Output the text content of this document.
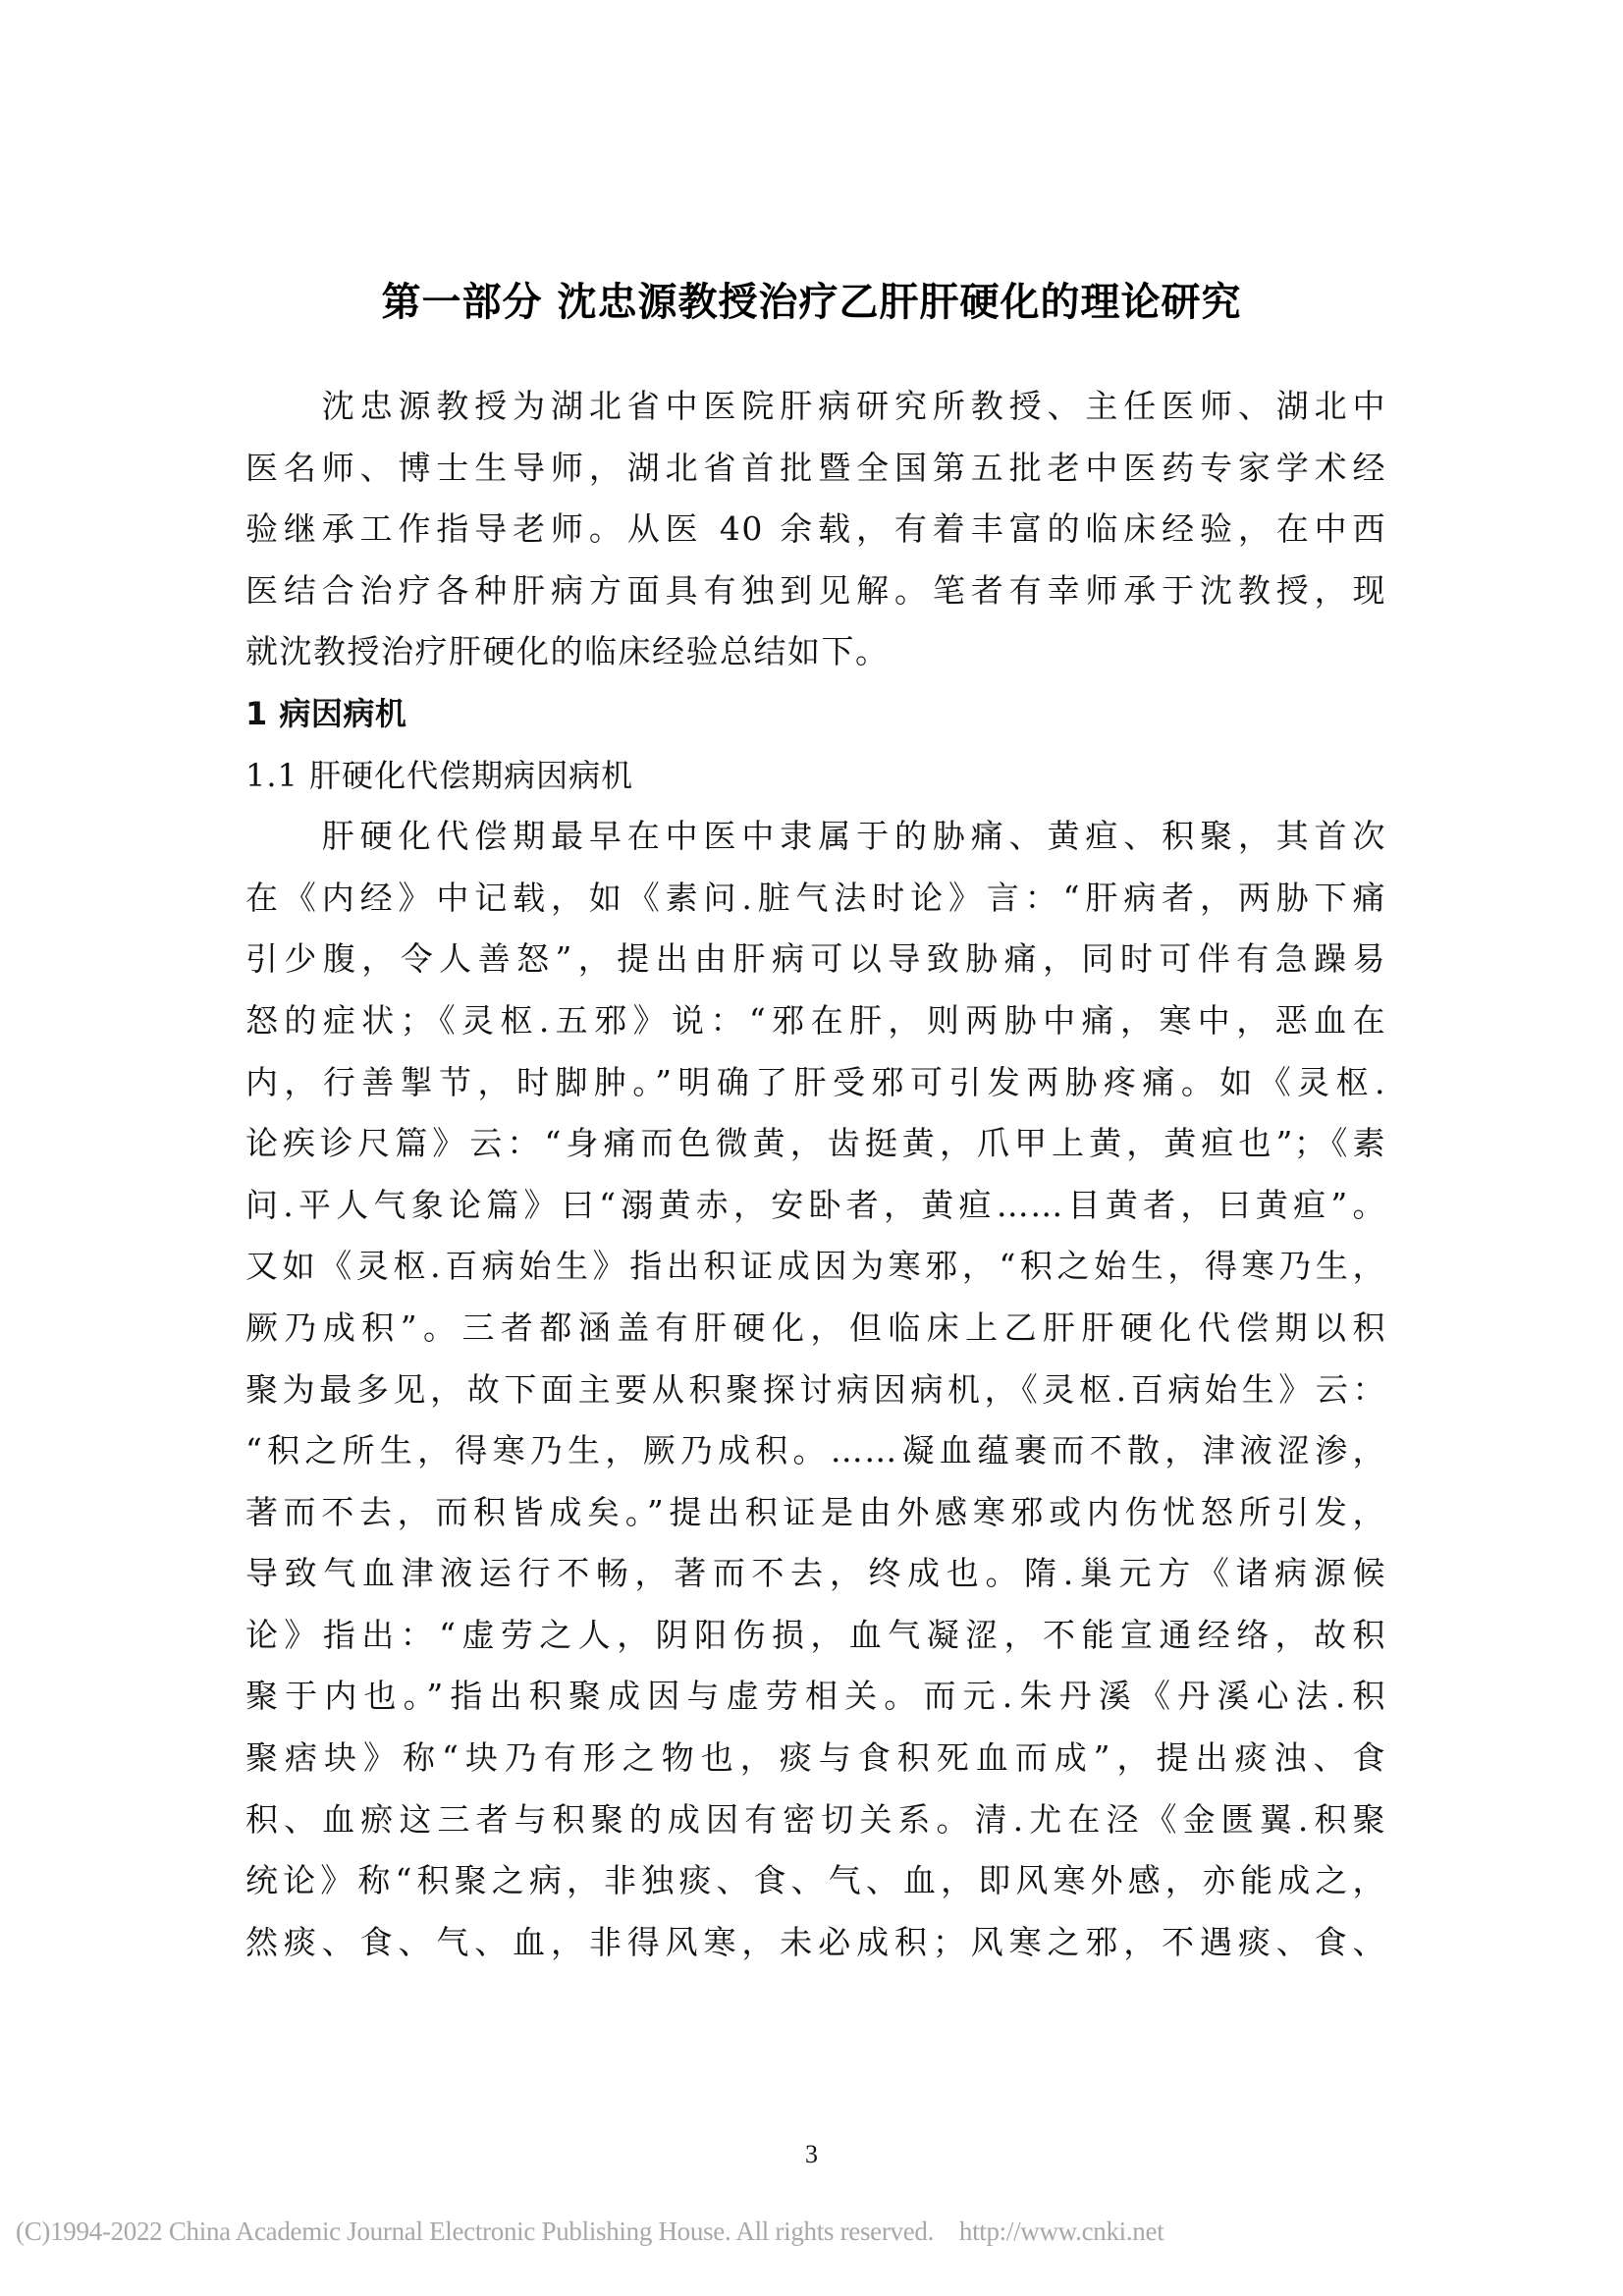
第一部分 沈忠源教授治疗乙肝肝硬化的理论研究
　　沈忠源教授为湖北省中医院肝病研究所教授、主任医师、湖北中
医名师、博士生导师，湖北省首批暨全国第五批老中医药专家学术经
验继承工作指导老师。从医 40 余载，有着丰富的临床经验，在中西
医结合治疗各种肝病方面具有独到见解。笔者有幸师承于沈教授，现
就沈教授治疗肝硬化的临床经验总结如下。
1 病因病机
1.1 肝硬化代偿期病因病机
　　肝硬化代偿期最早在中医中隶属于的胁痛、黄疸、积聚，其首次
在《内经》中记载，如《素问.脏气法时论》言：“肝病者，两胁下痛
引少腹，令人善怒”，提出由肝病可以导致胁痛，同时可伴有急躁易
怒的症状；《灵枢.五邪》说：“邪在肝，则两胁中痛，寒中，恶血在
内，行善掣节，时脚肿。”明确了肝受邪可引发两胁疼痛。如《灵枢.
论疾诊尺篇》云：“身痛而色微黄，齿挺黄，爪甲上黄，黄疸也”；《素
问.平人气象论篇》曰“溺黄赤，安卧者，黄疸……目黄者，曰黄疸”。
又如《灵枢.百病始生》指出积证成因为寒邪，“积之始生，得寒乃生，
厥乃成积”。三者都涵盖有肝硬化，但临床上乙肝肝硬化代偿期以积
聚为最多见，故下面主要从积聚探讨病因病机，《灵枢.百病始生》云：
“积之所生，得寒乃生，厥乃成积。……凝血蕴裹而不散，津液涩渗，
著而不去，而积皆成矣。”提出积证是由外感寒邪或内伤忧怒所引发，
导致气血津液运行不畅，著而不去，终成也。隋.巢元方《诸病源候
论》指出：“虚劳之人，阴阳伤损，血气凝涩，不能宣通经络，故积
聚于内也。”指出积聚成因与虚劳相关。而元.朱丹溪《丹溪心法.积
聚痞块》称“块乃有形之物也，痰与食积死血而成”，提出痰浊、食
积、血瘀这三者与积聚的成因有密切关系。清.尤在泾《金匮翼.积聚
统论》称“积聚之病，非独痰、食、气、血，即风寒外感，亦能成之，
然痰、食、气、血，非得风寒，未必成积；风寒之邪，不遇痰、食、
3
(C)1994-2022 China Academic Journal Electronic Publishing House. All rights reserved.    http://www.cnki.net
